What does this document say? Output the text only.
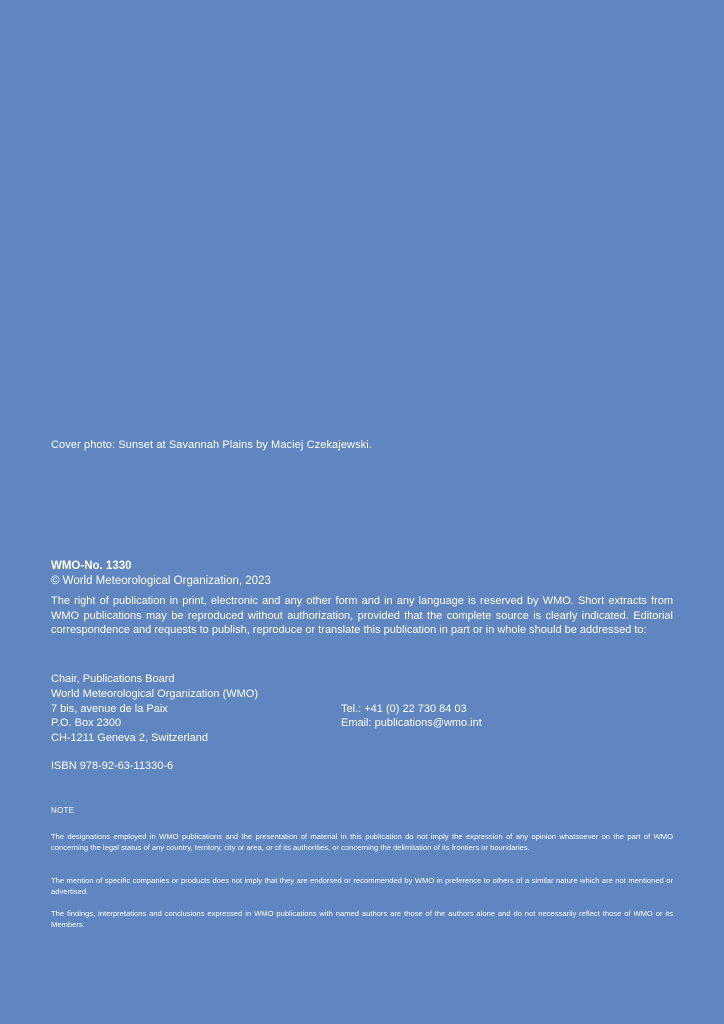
Cover photo: Sunset at Savannah Plains by Maciej Czekajewski.
WMO-No. 1330
© World Meteorological Organization, 2023
The right of publication in print, electronic and any other form and in any language is reserved by WMO. Short extracts from WMO publications may be reproduced without authorization, provided that the complete source is clearly indicated. Editorial correspondence and requests to publish, reproduce or translate this publication in part or in whole should be addressed to:
Chair, Publications Board
World Meteorological Organization (WMO)
7 bis, avenue de la Paix	Tel.: +41 (0) 22 730 84 03
P.O. Box 2300	Email: publications@wmo.int
CH-1211 Geneva 2, Switzerland
ISBN 978-92-63-11330-6
NOTE
The designations employed in WMO publications and the presentation of material in this publication do not imply the expression of any opinion whatsoever on the part of WMO concerning the legal status of any country, territory, city or area, or of its authorities, or concerning the delimitation of its frontiers or boundaries.
The mention of specific companies or products does not imply that they are endorsed or recommended by WMO in preference to others of a similar nature which are not mentioned or advertised.
The findings, interpretations and conclusions expressed in WMO publications with named authors are those of the authors alone and do not necessarily reflect those of WMO or its Members.
